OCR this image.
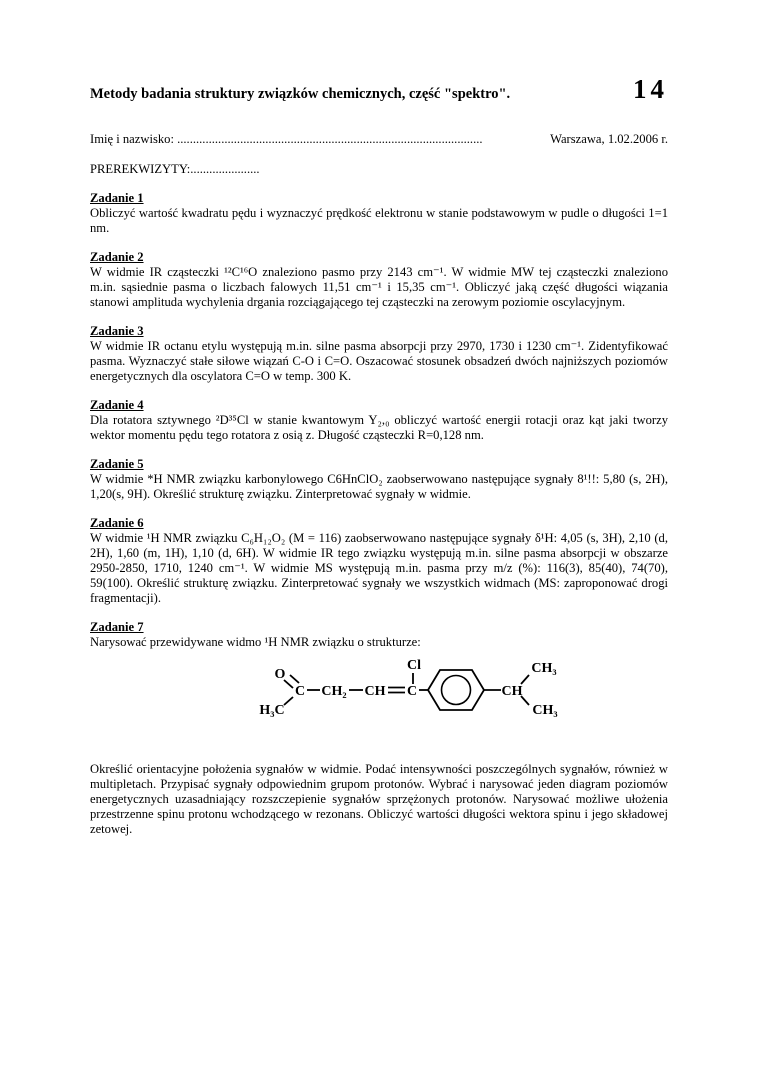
Metody badania struktury związków chemicznych, część "spektro".	14
Imię i nazwisko: .................................................................................................	Warszawa, 1.02.2006 r.
PREREKWIZYTY:......................
Zadanie 1

Obliczyć wartość kwadratu pędu i wyznaczyć prędkość elektronu w stanie podstawowym w pudle o długości 1=1 nm.

Zadanie 2

W widmie IR cząsteczki ¹²C¹⁶O znaleziono pasmo przy 2143 cm⁻¹. W widmie MW tej cząsteczki znaleziono m.in. sąsiednie pasma o liczbach falowych 11,51 cm⁻¹ i 15,35 cm⁻¹. Obliczyć jaką część długości wiązania stanowi amplituda wychylenia drgania rozciągającego tej cząsteczki na zerowym poziomie oscylacyjnym.

Zadanie 3

W widmie IR octanu etylu występują m.in. silne pasma absorpcji przy 2970, 1730 i 1230 cm⁻¹. Zidentyfikować pasma. Wyznaczyć stałe siłowe wiązań C-O i C=O. Oszacować stosunek obsadzeń dwóch najniższych poziomów energetycznych dla oscylatora C=O w temp. 300 K.

Zadanie 4

Dla rotatora sztywnego ²D³⁵Cl w stanie kwantowym Y₂,₀ obliczyć wartość energii rotacji oraz kąt jaki tworzy wektor momentu pędu tego rotatora z osią z. Długość cząsteczki R=0,128 nm.

Zadanie 5

W widmie *H NMR związku karbonylowego C6HnClO₂ zaobserwowano następujące sygnały 8¹!!: 5,80 (s, 2H), 1,20(s, 9H). Określić strukturę związku. Zinterpretować sygnały w widmie.

Zadanie 6

W widmie ¹H NMR związku C₆H₁₂O₂ (M = 116) zaobserwowano następujące sygnały δ¹H: 4,05 (s, 3H), 2,10 (d, 2H), 1,60 (m, 1H), 1,10 (d, 6H). W widmie IR tego związku występują m.in. silne pasma absorpcji w obszarze 2950-2850, 1710, 1240 cm⁻¹. W widmie MS występują m.in. pasma przy m/z (%): 116(3), 85(40), 74(70), 59(100). Określić strukturę związku. Zinterpretować sygnały we wszystkich widmach (MS: zaproponować drogi fragmentacji).

Zadanie 7

Narysować przewidywane widmo ¹H NMR związku o strukturze:

O
C
H₃C
CH₂ CH C
Cl
CH
CH₃
CH₃

Określić orientacyjne położenia sygnałów w widmie. Podać intensywności poszczególnych sygnałów, również w multipletach. Przypisać sygnały odpowiednim grupom protonów. Wybrać i narysować jeden diagram poziomów energetycznych uzasadniający rozszczepienie sygnałów sprzężonych protonów. Narysować możliwe ułożenia przestrzenne spinu protonu wchodzącego w rezonans. Obliczyć wartości długości wektora spinu i jego składowej zetowej.
